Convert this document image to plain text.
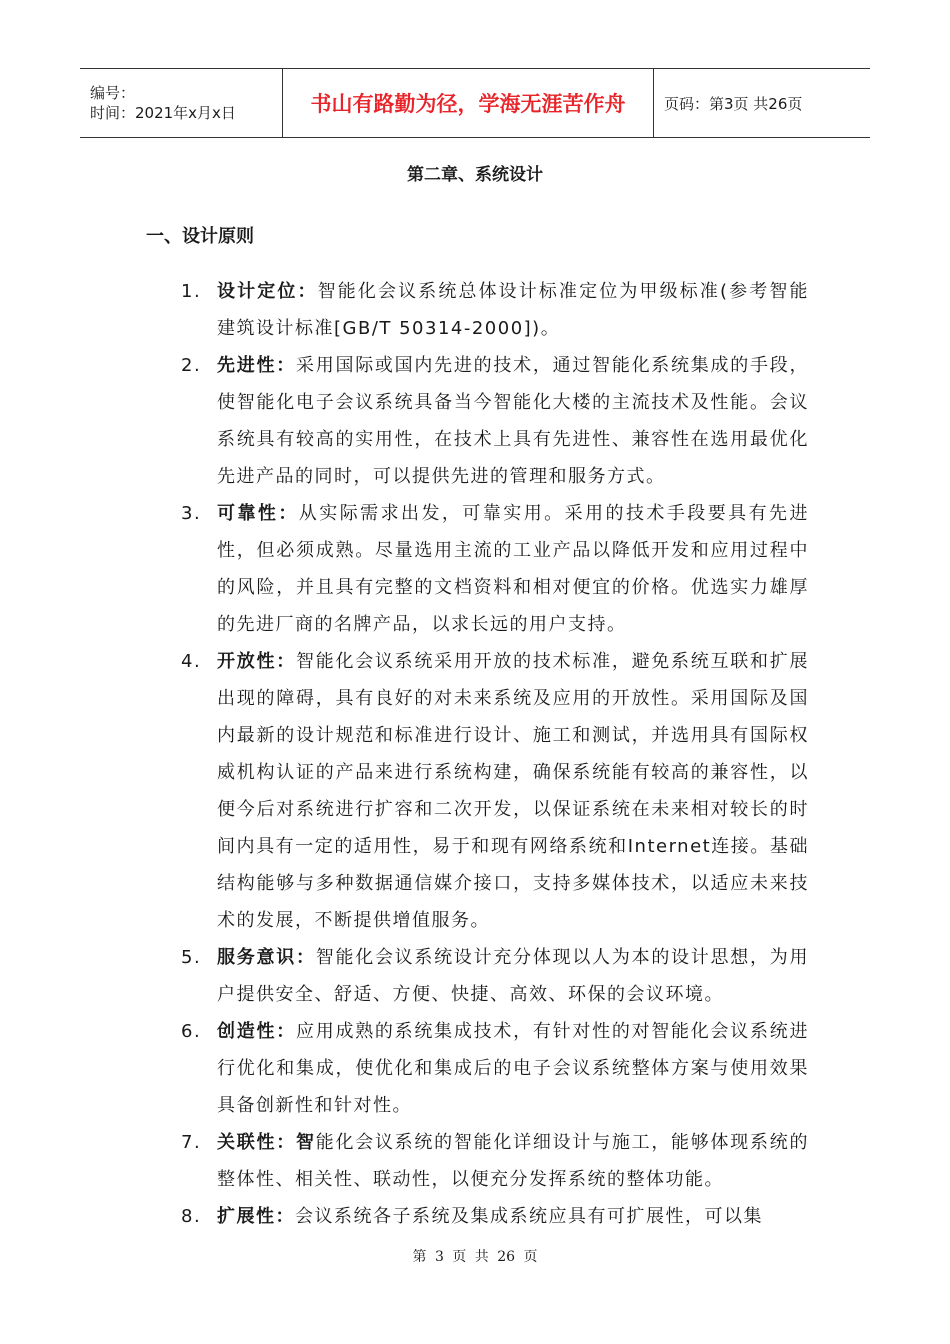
编号：
时间：2021年x月x日	书山有路勤为径，学海无涯苦作舟	页码：第3页 共26页
第二章、系统设计
一、设计原则
1. 设计定位：智能化会议系统总体设计标准定位为甲级标准(参考智能建筑设计标准[GB/T 50314-2000])。
2. 先进性：采用国际或国内先进的技术，通过智能化系统集成的手段，使智能化电子会议系统具备当今智能化大楼的主流技术及性能。会议系统具有较高的实用性，在技术上具有先进性、兼容性在选用最优化先进产品的同时，可以提供先进的管理和服务方式。
3. 可靠性：从实际需求出发，可靠实用。采用的技术手段要具有先进性，但必须成熟。尽量选用主流的工业产品以降低开发和应用过程中的风险，并且具有完整的文档资料和相对便宜的价格。优选实力雄厚的先进厂商的名牌产品，以求长远的用户支持。
4. 开放性：智能化会议系统采用开放的技术标准，避免系统互联和扩展出现的障碍，具有良好的对未来系统及应用的开放性。采用国际及国内最新的设计规范和标准进行设计、施工和测试，并选用具有国际权威机构认证的产品来进行系统构建，确保系统能有较高的兼容性，以便今后对系统进行扩容和二次开发，以保证系统在未来相对较长的时间内具有一定的适用性，易于和现有网络系统和Internet连接。基础结构能够与多种数据通信媒介接口，支持多媒体技术，以适应未来技术的发展，不断提供增值服务。
5. 服务意识：智能化会议系统设计充分体现以人为本的设计思想，为用户提供安全、舒适、方便、快捷、高效、环保的会议环境。
6. 创造性：应用成熟的系统集成技术，有针对性的对智能化会议系统进行优化和集成，使优化和集成后的电子会议系统整体方案与使用效果具备创新性和针对性。
7. 关联性：智能化会议系统的智能化详细设计与施工，能够体现系统的整体性、相关性、联动性，以便充分发挥系统的整体功能。
8. 扩展性：会议系统各子系统及集成系统应具有可扩展性，可以集
第 3 页 共 26 页
